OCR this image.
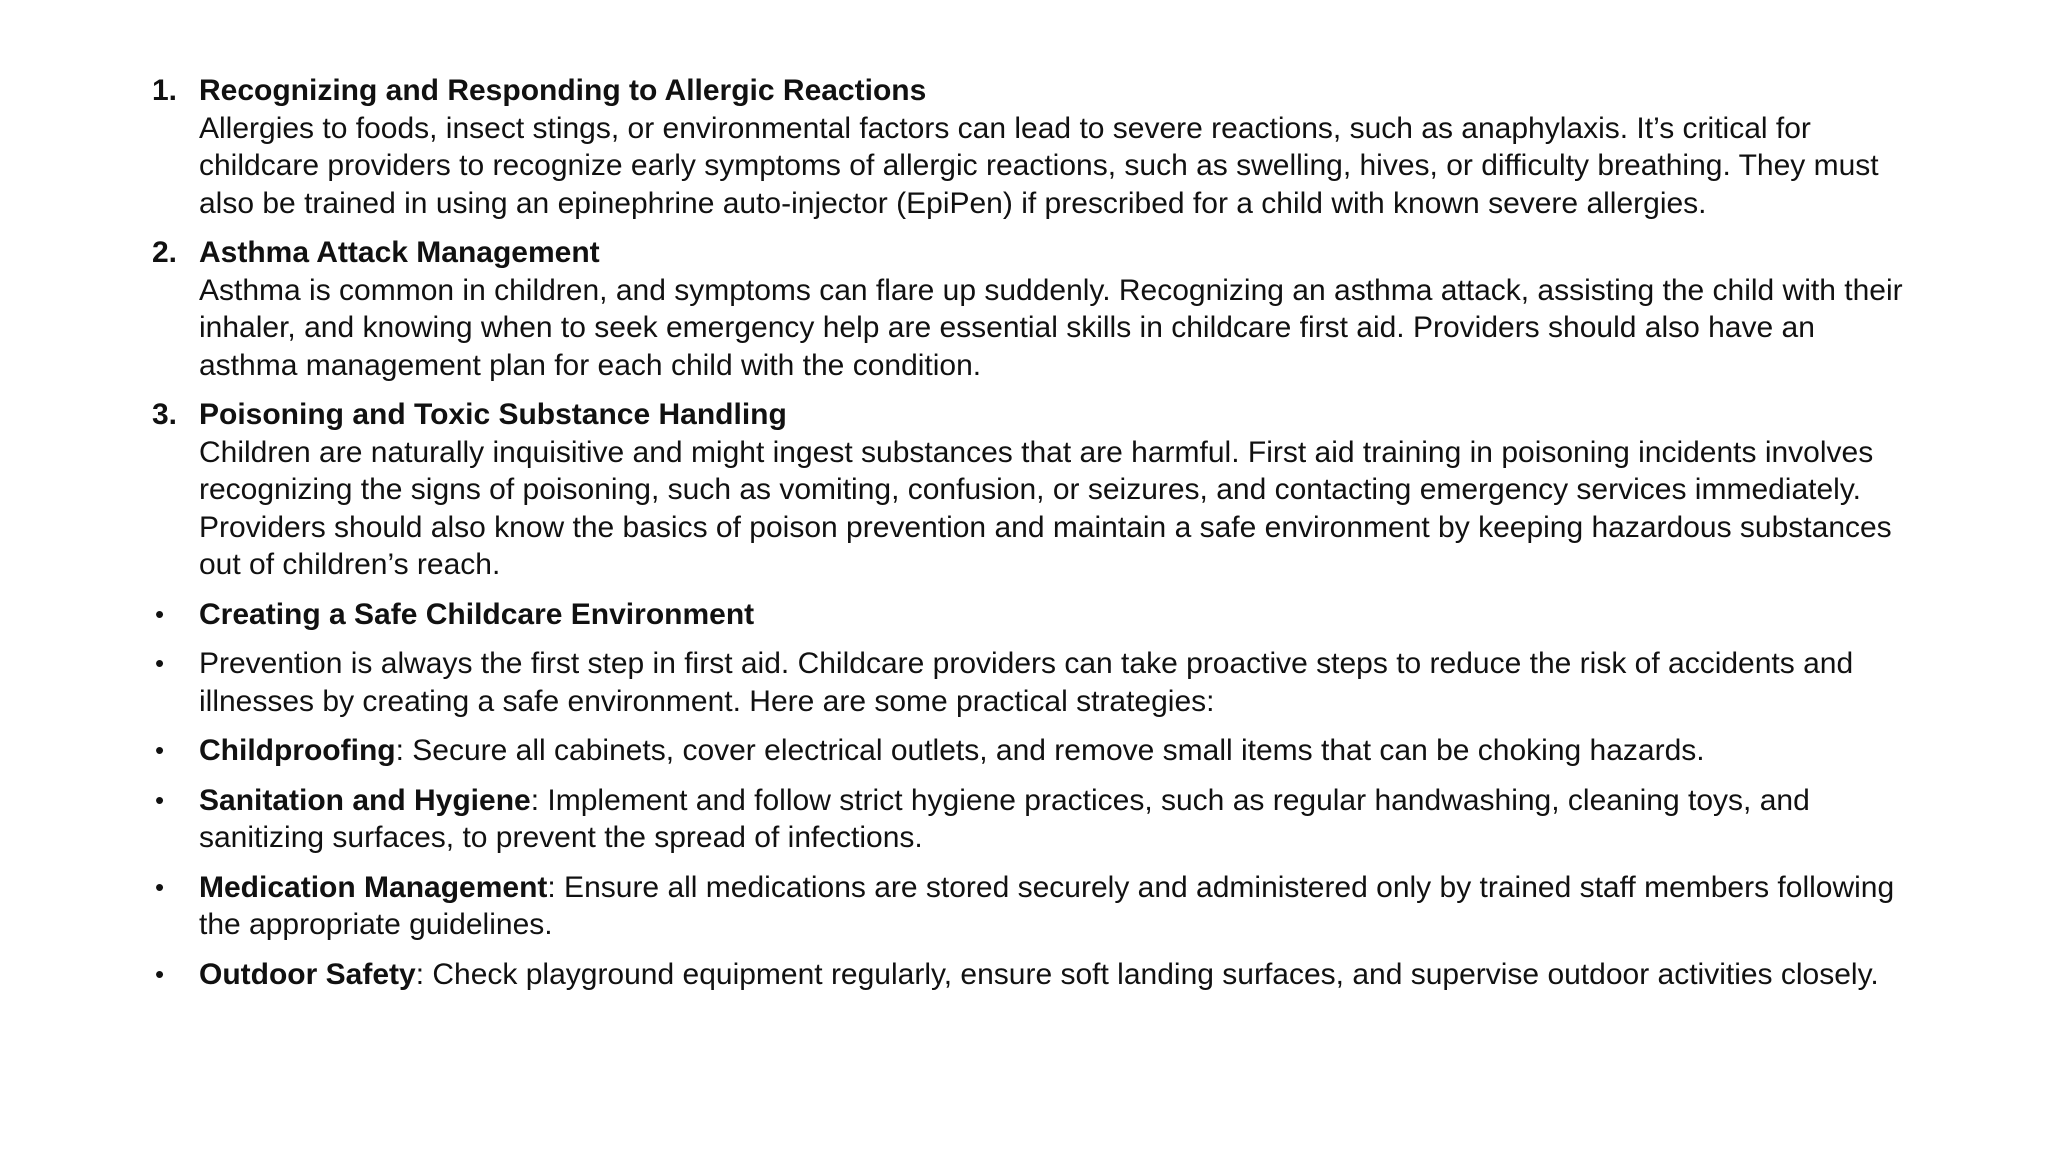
1. Recognizing and Responding to Allergic Reactions
Allergies to foods, insect stings, or environmental factors can lead to severe reactions, such as anaphylaxis. It’s critical for childcare providers to recognize early symptoms of allergic reactions, such as swelling, hives, or difficulty breathing. They must also be trained in using an epinephrine auto-injector (EpiPen) if prescribed for a child with known severe allergies.
2. Asthma Attack Management
Asthma is common in children, and symptoms can flare up suddenly. Recognizing an asthma attack, assisting the child with their inhaler, and knowing when to seek emergency help are essential skills in childcare first aid. Providers should also have an asthma management plan for each child with the condition.
3. Poisoning and Toxic Substance Handling
Children are naturally inquisitive and might ingest substances that are harmful. First aid training in poisoning incidents involves recognizing the signs of poisoning, such as vomiting, confusion, or seizures, and contacting emergency services immediately. Providers should also know the basics of poison prevention and maintain a safe environment by keeping hazardous substances out of children’s reach.
• Creating a Safe Childcare Environment
• Prevention is always the first step in first aid. Childcare providers can take proactive steps to reduce the risk of accidents and illnesses by creating a safe environment. Here are some practical strategies:
• Childproofing: Secure all cabinets, cover electrical outlets, and remove small items that can be choking hazards.
• Sanitation and Hygiene: Implement and follow strict hygiene practices, such as regular handwashing, cleaning toys, and sanitizing surfaces, to prevent the spread of infections.
• Medication Management: Ensure all medications are stored securely and administered only by trained staff members following the appropriate guidelines.
• Outdoor Safety: Check playground equipment regularly, ensure soft landing surfaces, and supervise outdoor activities closely.
